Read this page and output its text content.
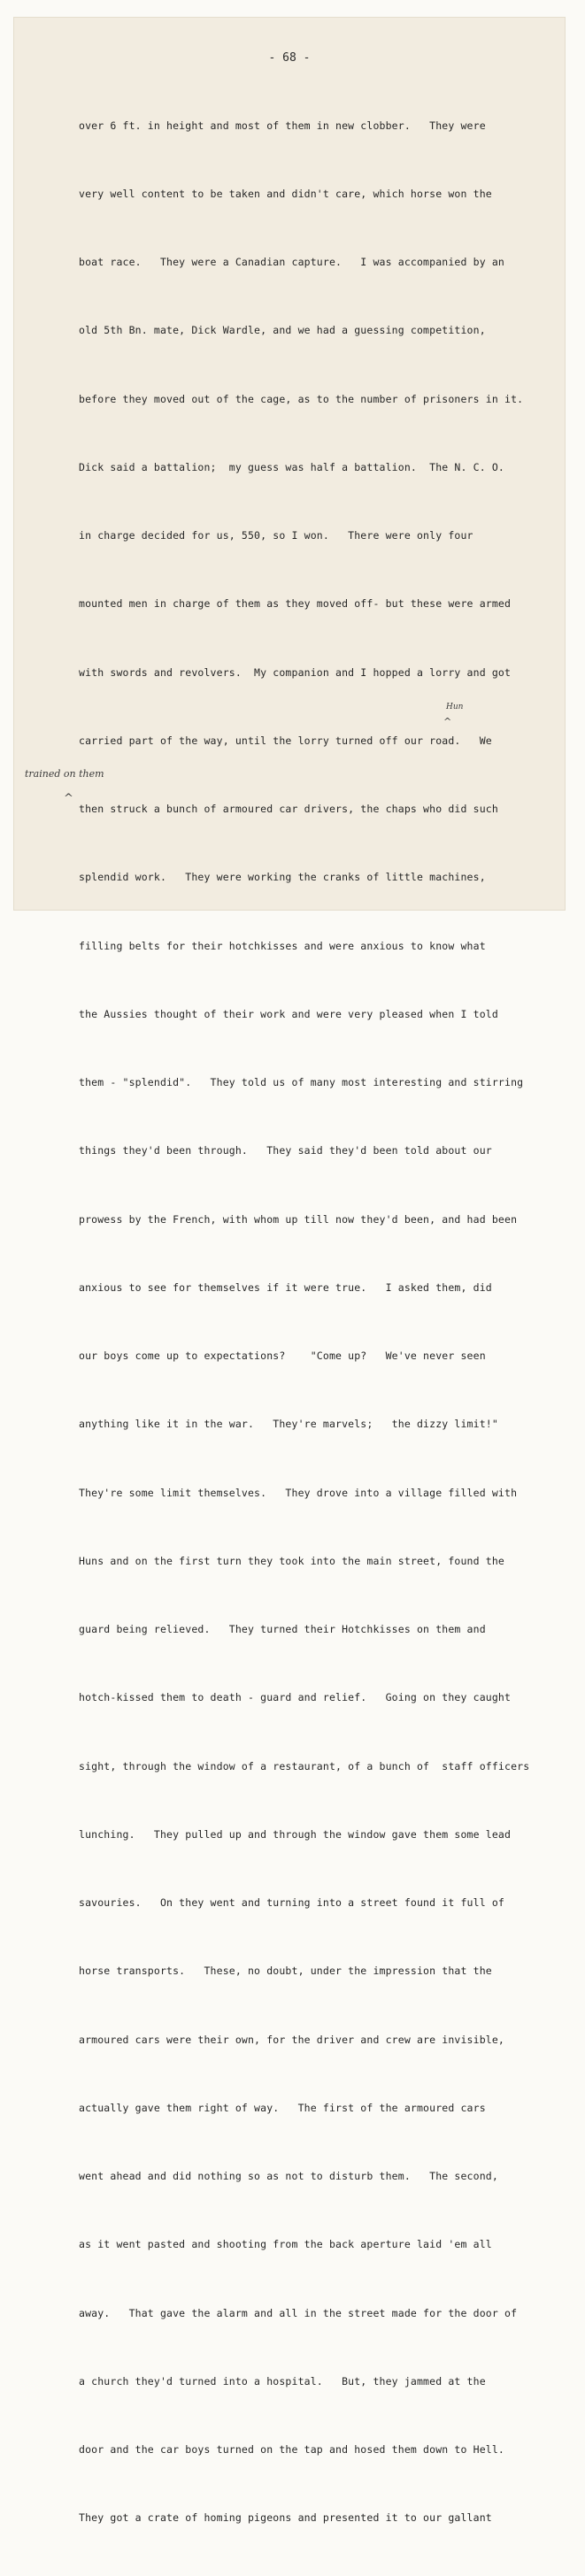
- 68 -

over 6 ft. in height and most of them in new clobber.   They were

very well content to be taken and didn't care, which horse won the

boat race.   They were a Canadian capture.   I was accompanied by an

old 5th Bn. mate, Dick Wardle, and we had a guessing competition,

before they moved out of the cage, as to the number of prisoners in it.

Dick said a battalion;  my guess was half a battalion.  The N. C. O.

in charge decided for us, 550, so I won.   There were only four

mounted men in charge of them as they moved off- but these were armed

with swords and revolvers.  My companion and I hopped a lorry and got

carried part of the way, until the lorry turned off our road.   We

then struck a bunch of armoured car drivers, the chaps who did such

splendid work.   They were working the cranks of little machines,

filling belts for their hotchkisses and were anxious to know what

the Aussies thought of their work and were very pleased when I told

them - "splendid".   They told us of many most interesting and stirring

things they'd been through.   They said they'd been told about our

prowess by the French, with whom up till now they'd been, and had been

anxious to see for themselves if it were true.   I asked them, did

our boys come up to expectations?    "Come up?   We've never seen

anything like it in the war.   They're marvels;   the dizzy limit!"

They're some limit themselves.   They drove into a village filled with

Huns and on the first turn they took into the main street, found the

guard being relieved.   They turned their Hotchkisses on them and

hotch-kissed them to death - guard and relief.   Going on they caught

sight, through the window of a restaurant, of a bunch of  staff officers

lunching.   They pulled up and through the window gave them some lead

savouries.   On they went and turning into a street found it full of

horse transports.   These, no doubt, under the impression that the

armoured cars were their own, for the driver and crew are invisible,

actually gave them right of way.   The first of the armoured cars

went ahead and did nothing so as not to disturb them.   The second,

as it went pasted and shooting from the back aperture laid 'em all

away.   That gave the alarm and all in the street made for the door of

a church they'd turned into a hospital.   But, they jammed at the

door and the car boys turned on the tap and hosed them down to Hell.

They got a crate of homing pigeons and presented it to our gallant

Hun
^
trained on them
^
